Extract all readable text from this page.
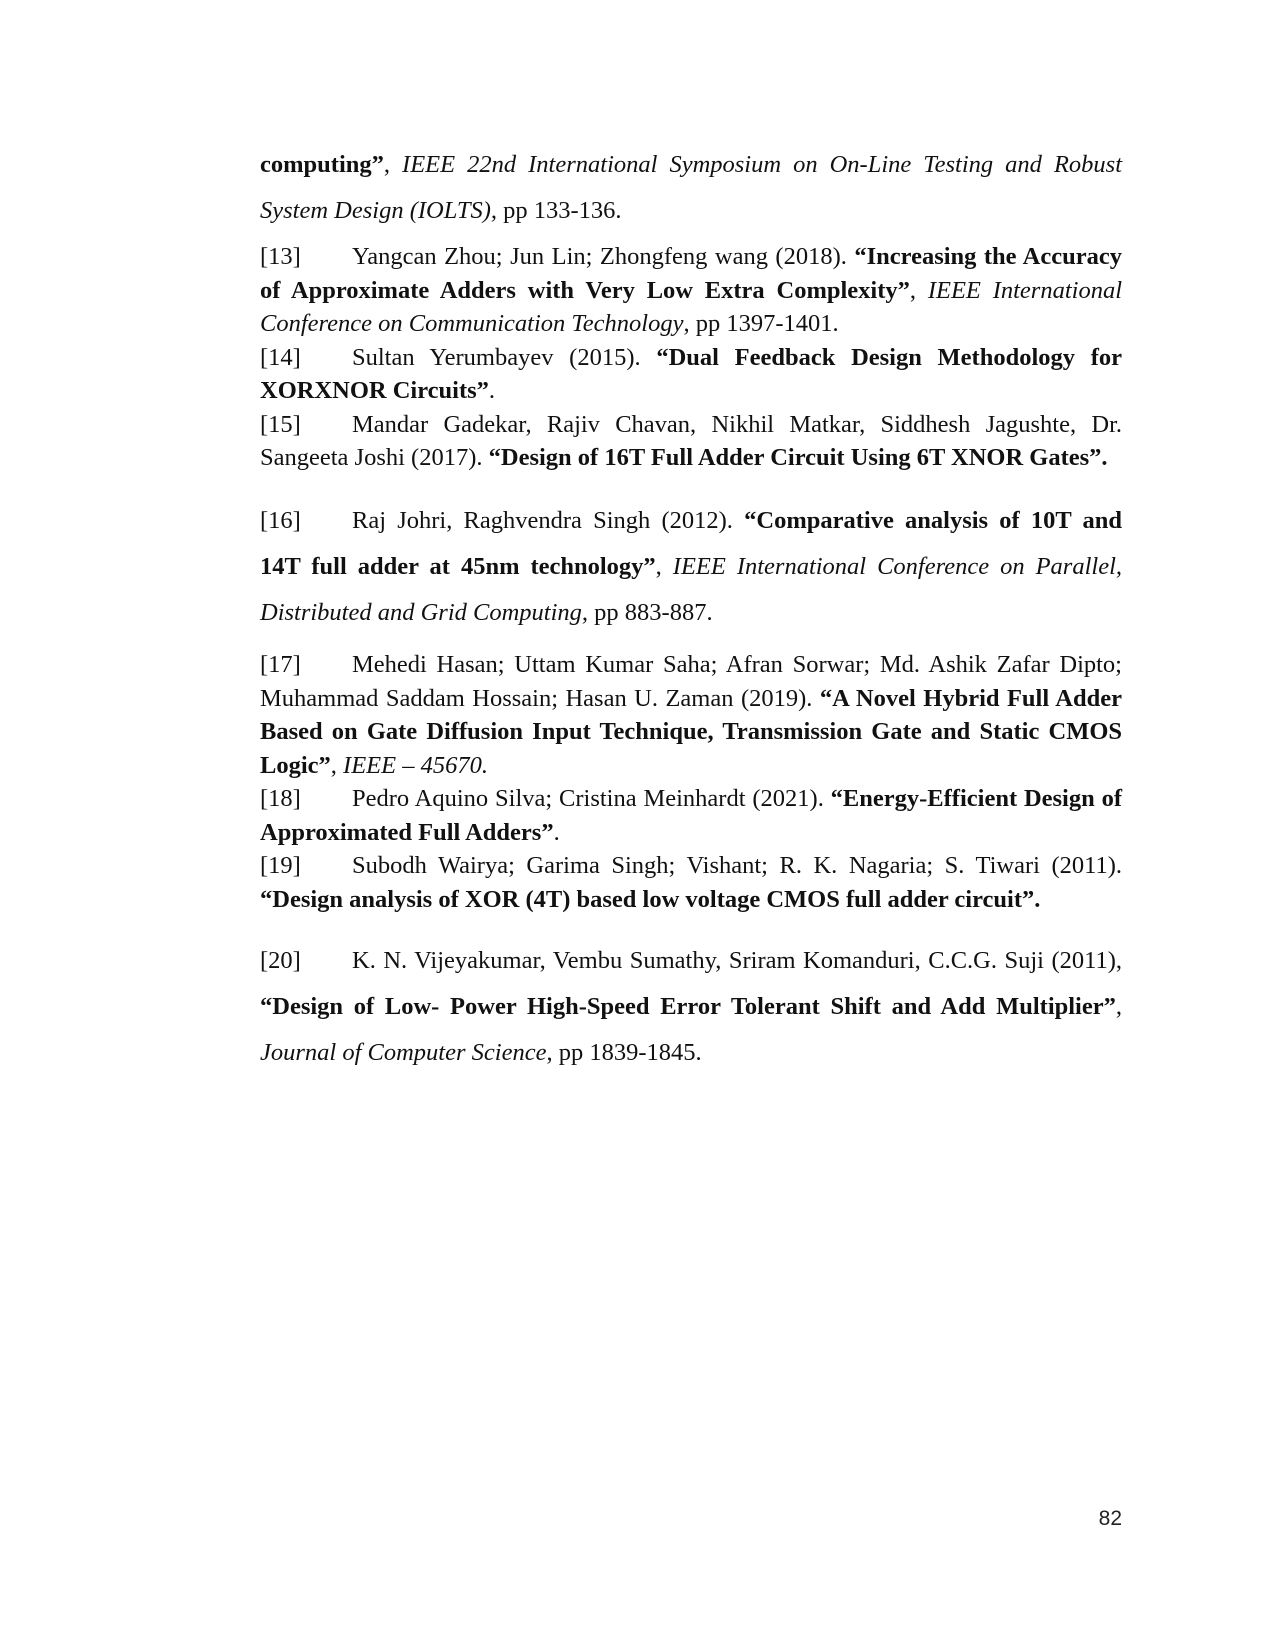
computing”, IEEE 22nd International Symposium on On-Line Testing and Robust System Design (IOLTS), pp 133-136.

[13] Yangcan Zhou; Jun Lin; Zhongfeng wang (2018). “Increasing the Accuracy of Approximate Adders with Very Low Extra Complexity”, IEEE International Conference on Communication Technology, pp 1397-1401.

[14] Sultan Yerumbayev (2015). “Dual Feedback Design Methodology for XORXNOR Circuits”.

[15] Mandar Gadekar, Rajiv Chavan, Nikhil Matkar, Siddhesh Jagushte, Dr. Sangeeta Joshi (2017). “Design of 16T Full Adder Circuit Using 6T XNOR Gates”.

[16] Raj Johri, Raghvendra Singh (2012). “Comparative analysis of 10T and 14T full adder at 45nm technology”, IEEE International Conference on Parallel, Distributed and Grid Computing, pp 883-887.

[17] Mehedi Hasan; Uttam Kumar Saha; Afran Sorwar; Md. Ashik Zafar Dipto; Muhammad Saddam Hossain; Hasan U. Zaman (2019). “A Novel Hybrid Full Adder Based on Gate Diffusion Input Technique, Transmission Gate and Static CMOS Logic”, IEEE – 45670.

[18] Pedro Aquino Silva; Cristina Meinhardt (2021). “Energy-Efficient Design of Approximated Full Adders”.

[19] Subodh Wairya; Garima Singh; Vishant; R. K. Nagaria; S. Tiwari (2011). “Design analysis of XOR (4T) based low voltage CMOS full adder circuit”.

[20] K. N. Vijeyakumar, Vembu Sumathy, Sriram Komanduri, C.C.G. Suji (2011), “Design of Low- Power High-Speed Error Tolerant Shift and Add Multiplier”, Journal of Computer Science, pp 1839-1845.

82
